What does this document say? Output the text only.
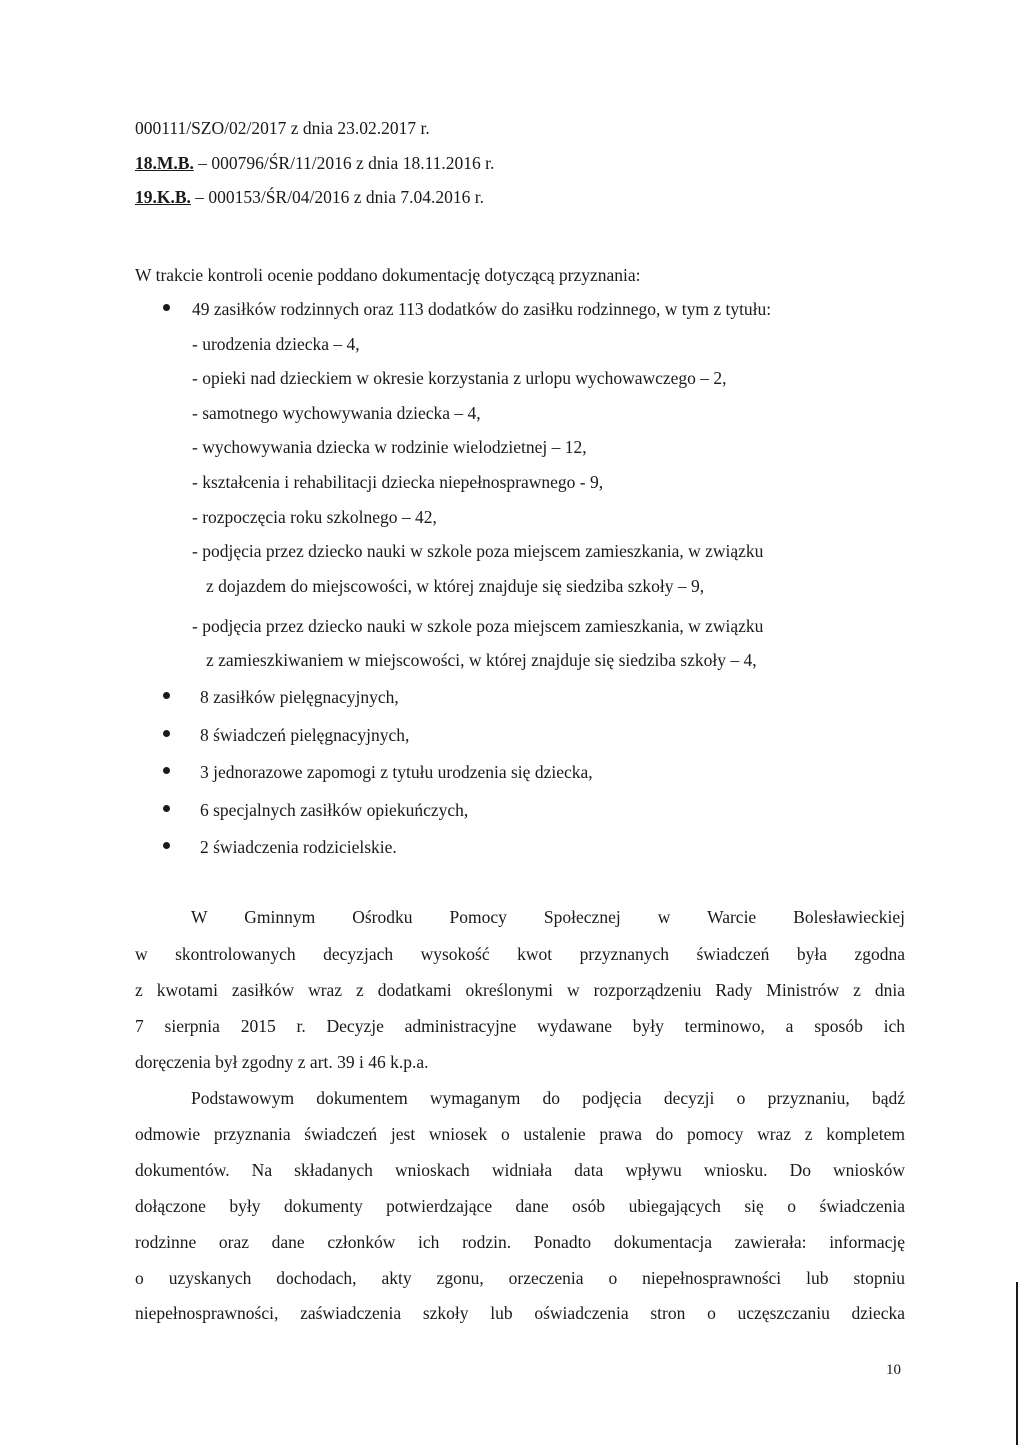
000111/SZO/02/2017 z dnia 23.02.2017 r.
18.M.B. – 000796/ŚR/11/2016 z dnia 18.11.2016 r.
19.K.B. – 000153/ŚR/04/2016 z dnia 7.04.2016 r.
W trakcie kontroli ocenie poddano dokumentację dotyczącą przyznania:
49 zasiłków rodzinnych oraz 113 dodatków do zasiłku rodzinnego, w tym z tytułu:
- urodzenia dziecka – 4,
- opieki nad dzieckiem w okresie korzystania z urlopu wychowawczego – 2,
- samotnego wychowywania dziecka – 4,
- wychowywania dziecka w rodzinie wielodzietnej – 12,
- kształcenia i rehabilitacji dziecka niepełnosprawnego - 9,
- rozpoczęcia roku szkolnego – 42,
- podjęcia przez dziecko nauki w szkole poza miejscem zamieszkania, w związku
z dojazdem do miejscowości, w której znajduje się siedziba szkoły – 9,
- podjęcia przez dziecko nauki w szkole poza miejscem zamieszkania, w związku
z zamieszkiwaniem w miejscowości, w której znajduje się siedziba szkoły – 4,
8 zasiłków pielęgnacyjnych,
8 świadczeń pielęgnacyjnych,
3 jednorazowe zapomogi z tytułu urodzenia się dziecka,
6 specjalnych zasiłków opiekuńczych,
2 świadczenia rodzicielskie.
W Gminnym Ośrodku Pomocy Społecznej w Warcie Bolesławieckiej
w skontrolowanych decyzjach wysokość kwot przyznanych świadczeń była zgodna
z kwotami zasiłków wraz z dodatkami określonymi w rozporządzeniu Rady Ministrów z dnia
7 sierpnia 2015 r. Decyzje administracyjne wydawane były terminowo, a sposób ich
doręczenia był zgodny z art. 39 i 46 k.p.a.
Podstawowym dokumentem wymaganym do podjęcia decyzji o przyznaniu, bądź
odmowie przyznania świadczeń jest wniosek o ustalenie prawa do pomocy wraz z kompletem
dokumentów. Na składanych wnioskach widniała data wpływu wniosku. Do wniosków
dołączone były dokumenty potwierdzające dane osób ubiegających się o świadczenia
rodzinne oraz dane członków ich rodzin. Ponadto dokumentacja zawierała: informację
o uzyskanych dochodach, akty zgonu, orzeczenia o niepełnosprawności lub stopniu
niepełnosprawności, zaświadczenia szkoły lub oświadczenia stron o uczęszczaniu dziecka
10
